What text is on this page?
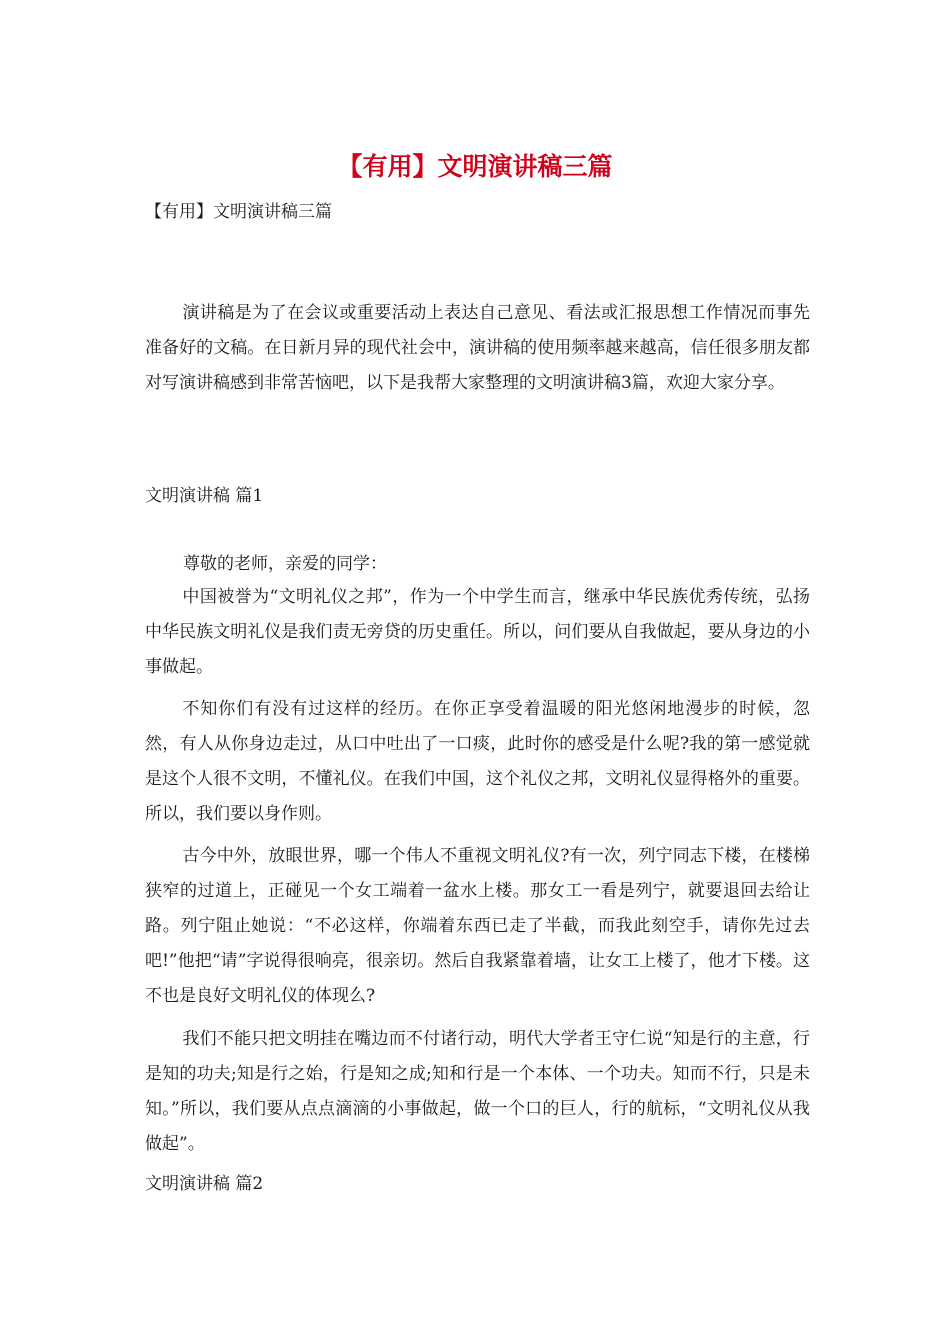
【有用】文明演讲稿三篇

【有用】文明演讲稿三篇

演讲稿是为了在会议或重要活动上表达自己意见、看法或汇报思想工作情况而事先准备好的文稿。在日新月异的现代社会中，演讲稿的使用频率越来越高，信任很多朋友都对写演讲稿感到非常苦恼吧，以下是我帮大家整理的文明演讲稿3篇，欢迎大家分享。

文明演讲稿 篇1

尊敬的老师，亲爱的同学：

中国被誉为“文明礼仪之邦”，作为一个中学生而言，继承中华民族优秀传统，弘扬中华民族文明礼仪是我们责无旁贷的历史重任。所以，问们要从自我做起，要从身边的小事做起。

不知你们有没有过这样的经历。在你正享受着温暖的阳光悠闲地漫步的时候，忽然，有人从你身边走过，从口中吐出了一口痰，此时你的感受是什么呢?我的第一感觉就是这个人很不文明，不懂礼仪。在我们中国，这个礼仪之邦，文明礼仪显得格外的重要。所以，我们要以身作则。

古今中外，放眼世界，哪一个伟人不重视文明礼仪?有一次，列宁同志下楼，在楼梯狭窄的过道上，正碰见一个女工端着一盆水上楼。那女工一看是列宁，就要退回去给让路。列宁阻止她说：“不必这样，你端着东西已走了半截，而我此刻空手，请你先过去吧!”他把“请”字说得很响亮，很亲切。然后自我紧靠着墙，让女工上楼了，他才下楼。这不也是良好文明礼仪的体现么?

我们不能只把文明挂在嘴边而不付诸行动，明代大学者王守仁说“知是行的主意，行是知的功夫;知是行之始，行是知之成;知和行是一个本体、一个功夫。知而不行，只是未知。”所以，我们要从点点滴滴的小事做起，做一个口的巨人，行的航标，“文明礼仪从我做起”。

文明演讲稿 篇2
